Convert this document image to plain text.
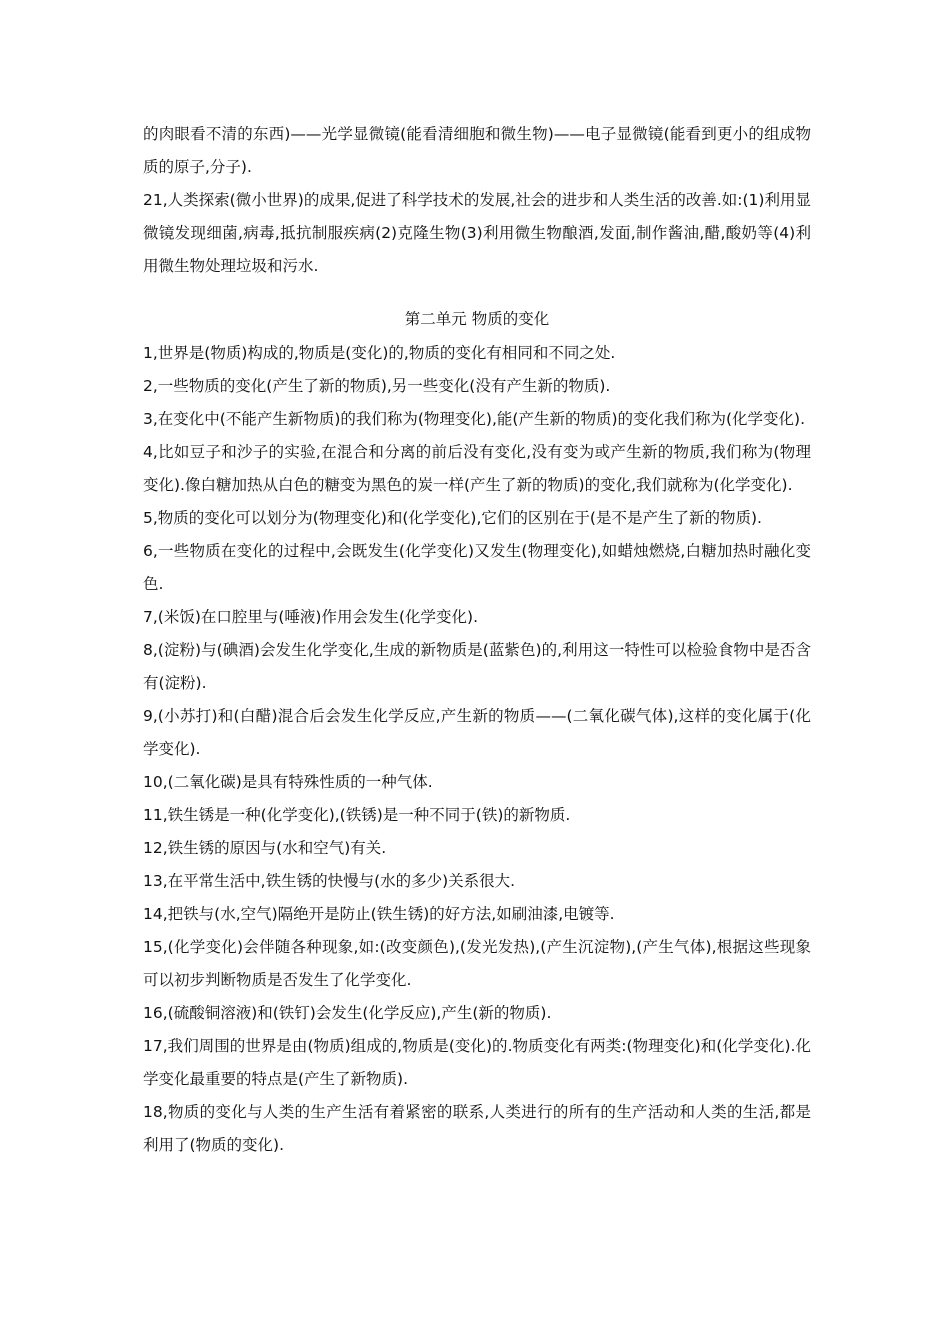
的肉眼看不清的东西)——光学显微镜(能看清细胞和微生物)——电子显微镜(能看到更小的组成物质的原子,分子).

21,人类探索(微小世界)的成果,促进了科学技术的发展,社会的进步和人类生活的改善.如:(1)利用显微镜发现细菌,病毒,抵抗制服疾病(2)克隆生物(3)利用微生物酿酒,发面,制作酱油,醋,酸奶等(4)利用微生物处理垃圾和污水.

第二单元 物质的变化

1,世界是(物质)构成的,物质是(变化)的,物质的变化有相同和不同之处.

2,一些物质的变化(产生了新的物质),另一些变化(没有产生新的物质).

3,在变化中(不能产生新物质)的我们称为(物理变化),能(产生新的物质)的变化我们称为(化学变化).

4,比如豆子和沙子的实验,在混合和分离的前后没有变化,没有变为或产生新的物质,我们称为(物理变化).像白糖加热从白色的糖变为黑色的炭一样(产生了新的物质)的变化,我们就称为(化学变化).

5,物质的变化可以划分为(物理变化)和(化学变化),它们的区别在于(是不是产生了新的物质).

6,一些物质在变化的过程中,会既发生(化学变化)又发生(物理变化),如蜡烛燃烧,白糖加热时融化变色.

7,(米饭)在口腔里与(唾液)作用会发生(化学变化).

8,(淀粉)与(碘酒)会发生化学变化,生成的新物质是(蓝紫色)的,利用这一特性可以检验食物中是否含有(淀粉).

9,(小苏打)和(白醋)混合后会发生化学反应,产生新的物质——(二氧化碳气体),这样的变化属于(化学变化).

10,(二氧化碳)是具有特殊性质的一种气体.

11,铁生锈是一种(化学变化),(铁锈)是一种不同于(铁)的新物质.

12,铁生锈的原因与(水和空气)有关.

13,在平常生活中,铁生锈的快慢与(水的多少)关系很大.

14,把铁与(水,空气)隔绝开是防止(铁生锈)的好方法,如刷油漆,电镀等.

15,(化学变化)会伴随各种现象,如:(改变颜色),(发光发热),(产生沉淀物),(产生气体),根据这些现象可以初步判断物质是否发生了化学变化.

16,(硫酸铜溶液)和(铁钉)会发生(化学反应),产生(新的物质).

17,我们周围的世界是由(物质)组成的,物质是(变化)的.物质变化有两类:(物理变化)和(化学变化).化学变化最重要的特点是(产生了新物质).

18,物质的变化与人类的生产生活有着紧密的联系,人类进行的所有的生产活动和人类的生活,都是利用了(物质的变化).
